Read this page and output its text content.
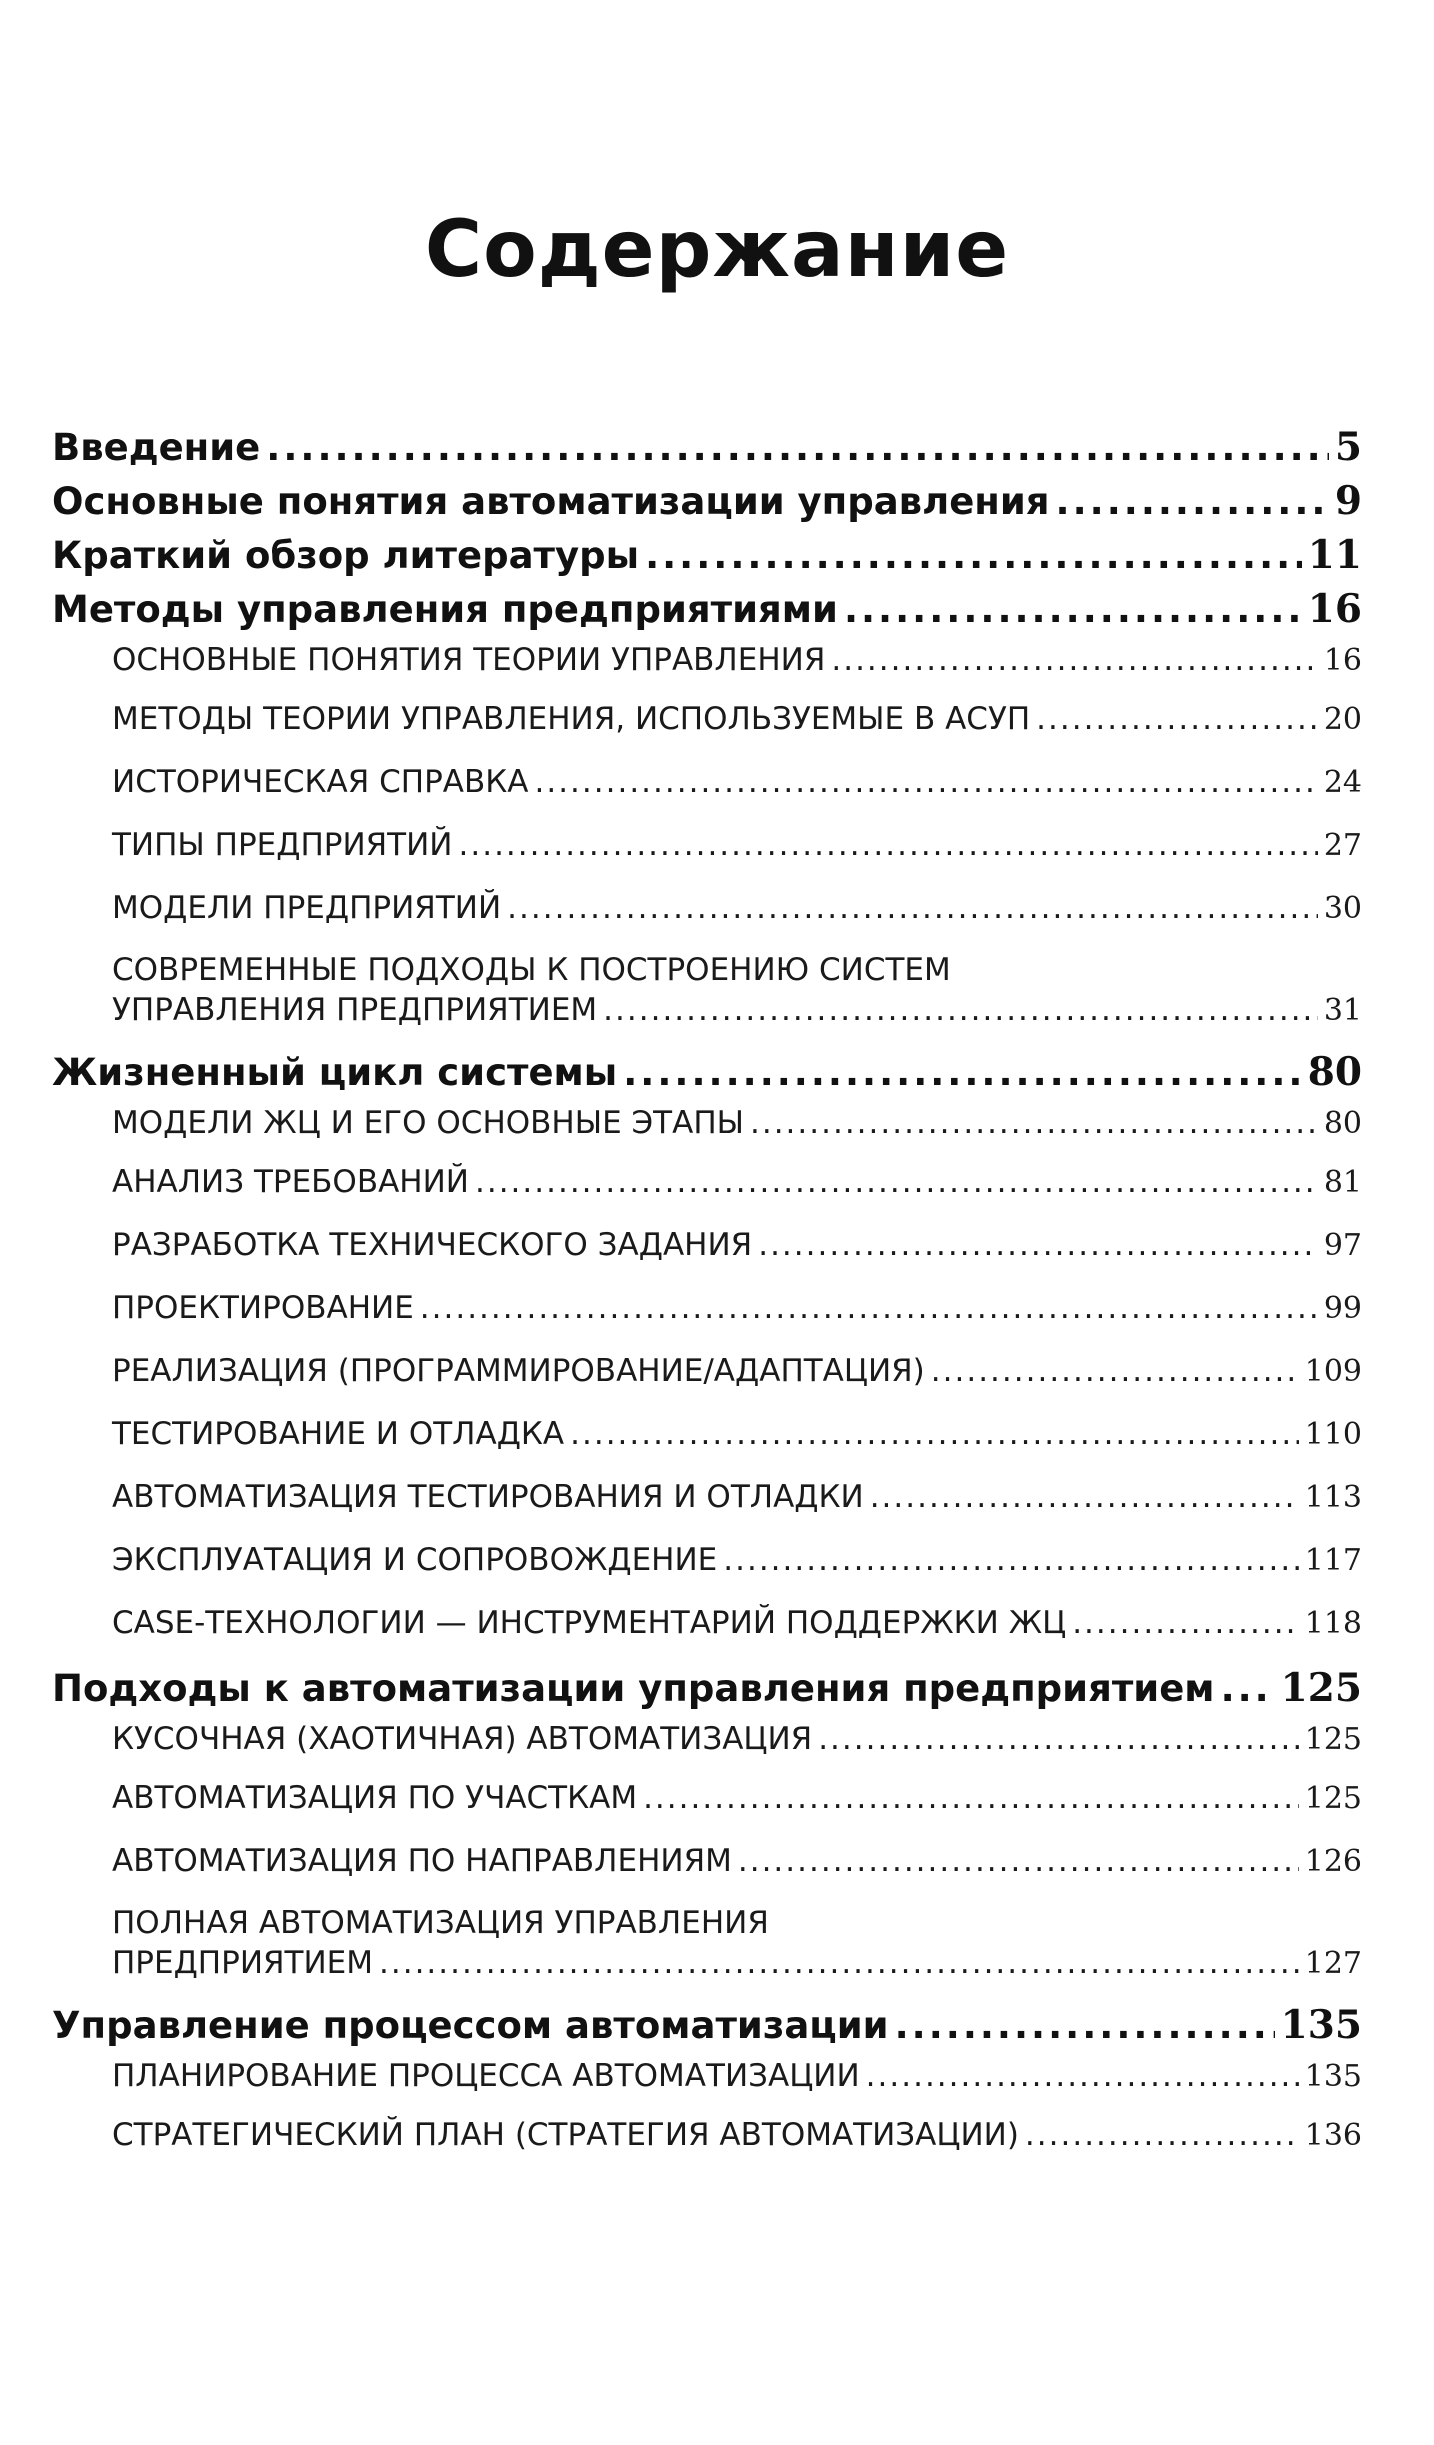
Содержание
Введение .....	5
Основные понятия автоматизации управления .....	9
Краткий обзор литературы .....	11
Методы управления предприятиями .....	16
ОСНОВНЫЕ ПОНЯТИЯ ТЕОРИИ УПРАВЛЕНИЯ .....	16
МЕТОДЫ ТЕОРИИ УПРАВЛЕНИЯ, ИСПОЛЬЗУЕМЫЕ В АСУП .....	20
ИСТОРИЧЕСКАЯ СПРАВКА .....	24
ТИПЫ ПРЕДПРИЯТИЙ .....	27
МОДЕЛИ ПРЕДПРИЯТИЙ .....	30
СОВРЕМЕННЫЕ ПОДХОДЫ К ПОСТРОЕНИЮ СИСТЕМ
УПРАВЛЕНИЯ ПРЕДПРИЯТИЕМ .....	31
Жизненный цикл системы .....	80
МОДЕЛИ ЖЦ И ЕГО ОСНОВНЫЕ ЭТАПЫ .....	80
АНАЛИЗ ТРЕБОВАНИЙ .....	81
РАЗРАБОТКА ТЕХНИЧЕСКОГО ЗАДАНИЯ .....	97
ПРОЕКТИРОВАНИЕ .....	99
РЕАЛИЗАЦИЯ (ПРОГРАММИРОВАНИЕ/АДАПТАЦИЯ) .....	109
ТЕСТИРОВАНИЕ И ОТЛАДКА .....	110
АВТОМАТИЗАЦИЯ ТЕСТИРОВАНИЯ И ОТЛАДКИ .....	113
ЭКСПЛУАТАЦИЯ И СОПРОВОЖДЕНИЕ .....	117
CASE-ТЕХНОЛОГИИ — ИНСТРУМЕНТАРИЙ ПОДДЕРЖКИ ЖЦ .....	118
Подходы к автоматизации управления предприятием ..... 125
КУСОЧНАЯ (ХАОТИЧНАЯ) АВТОМАТИЗАЦИЯ .....	125
АВТОМАТИЗАЦИЯ ПО УЧАСТКАМ .....	125
АВТОМАТИЗАЦИЯ ПО НАПРАВЛЕНИЯМ .....	126
ПОЛНАЯ АВТОМАТИЗАЦИЯ УПРАВЛЕНИЯ
ПРЕДПРИЯТИЕМ .....	127
Управление процессом автоматизации .....	135
ПЛАНИРОВАНИЕ ПРОЦЕССА АВТОМАТИЗАЦИИ .....	135
СТРАТЕГИЧЕСКИЙ ПЛАН (СТРАТЕГИЯ АВТОМАТИЗАЦИИ) .....	136
